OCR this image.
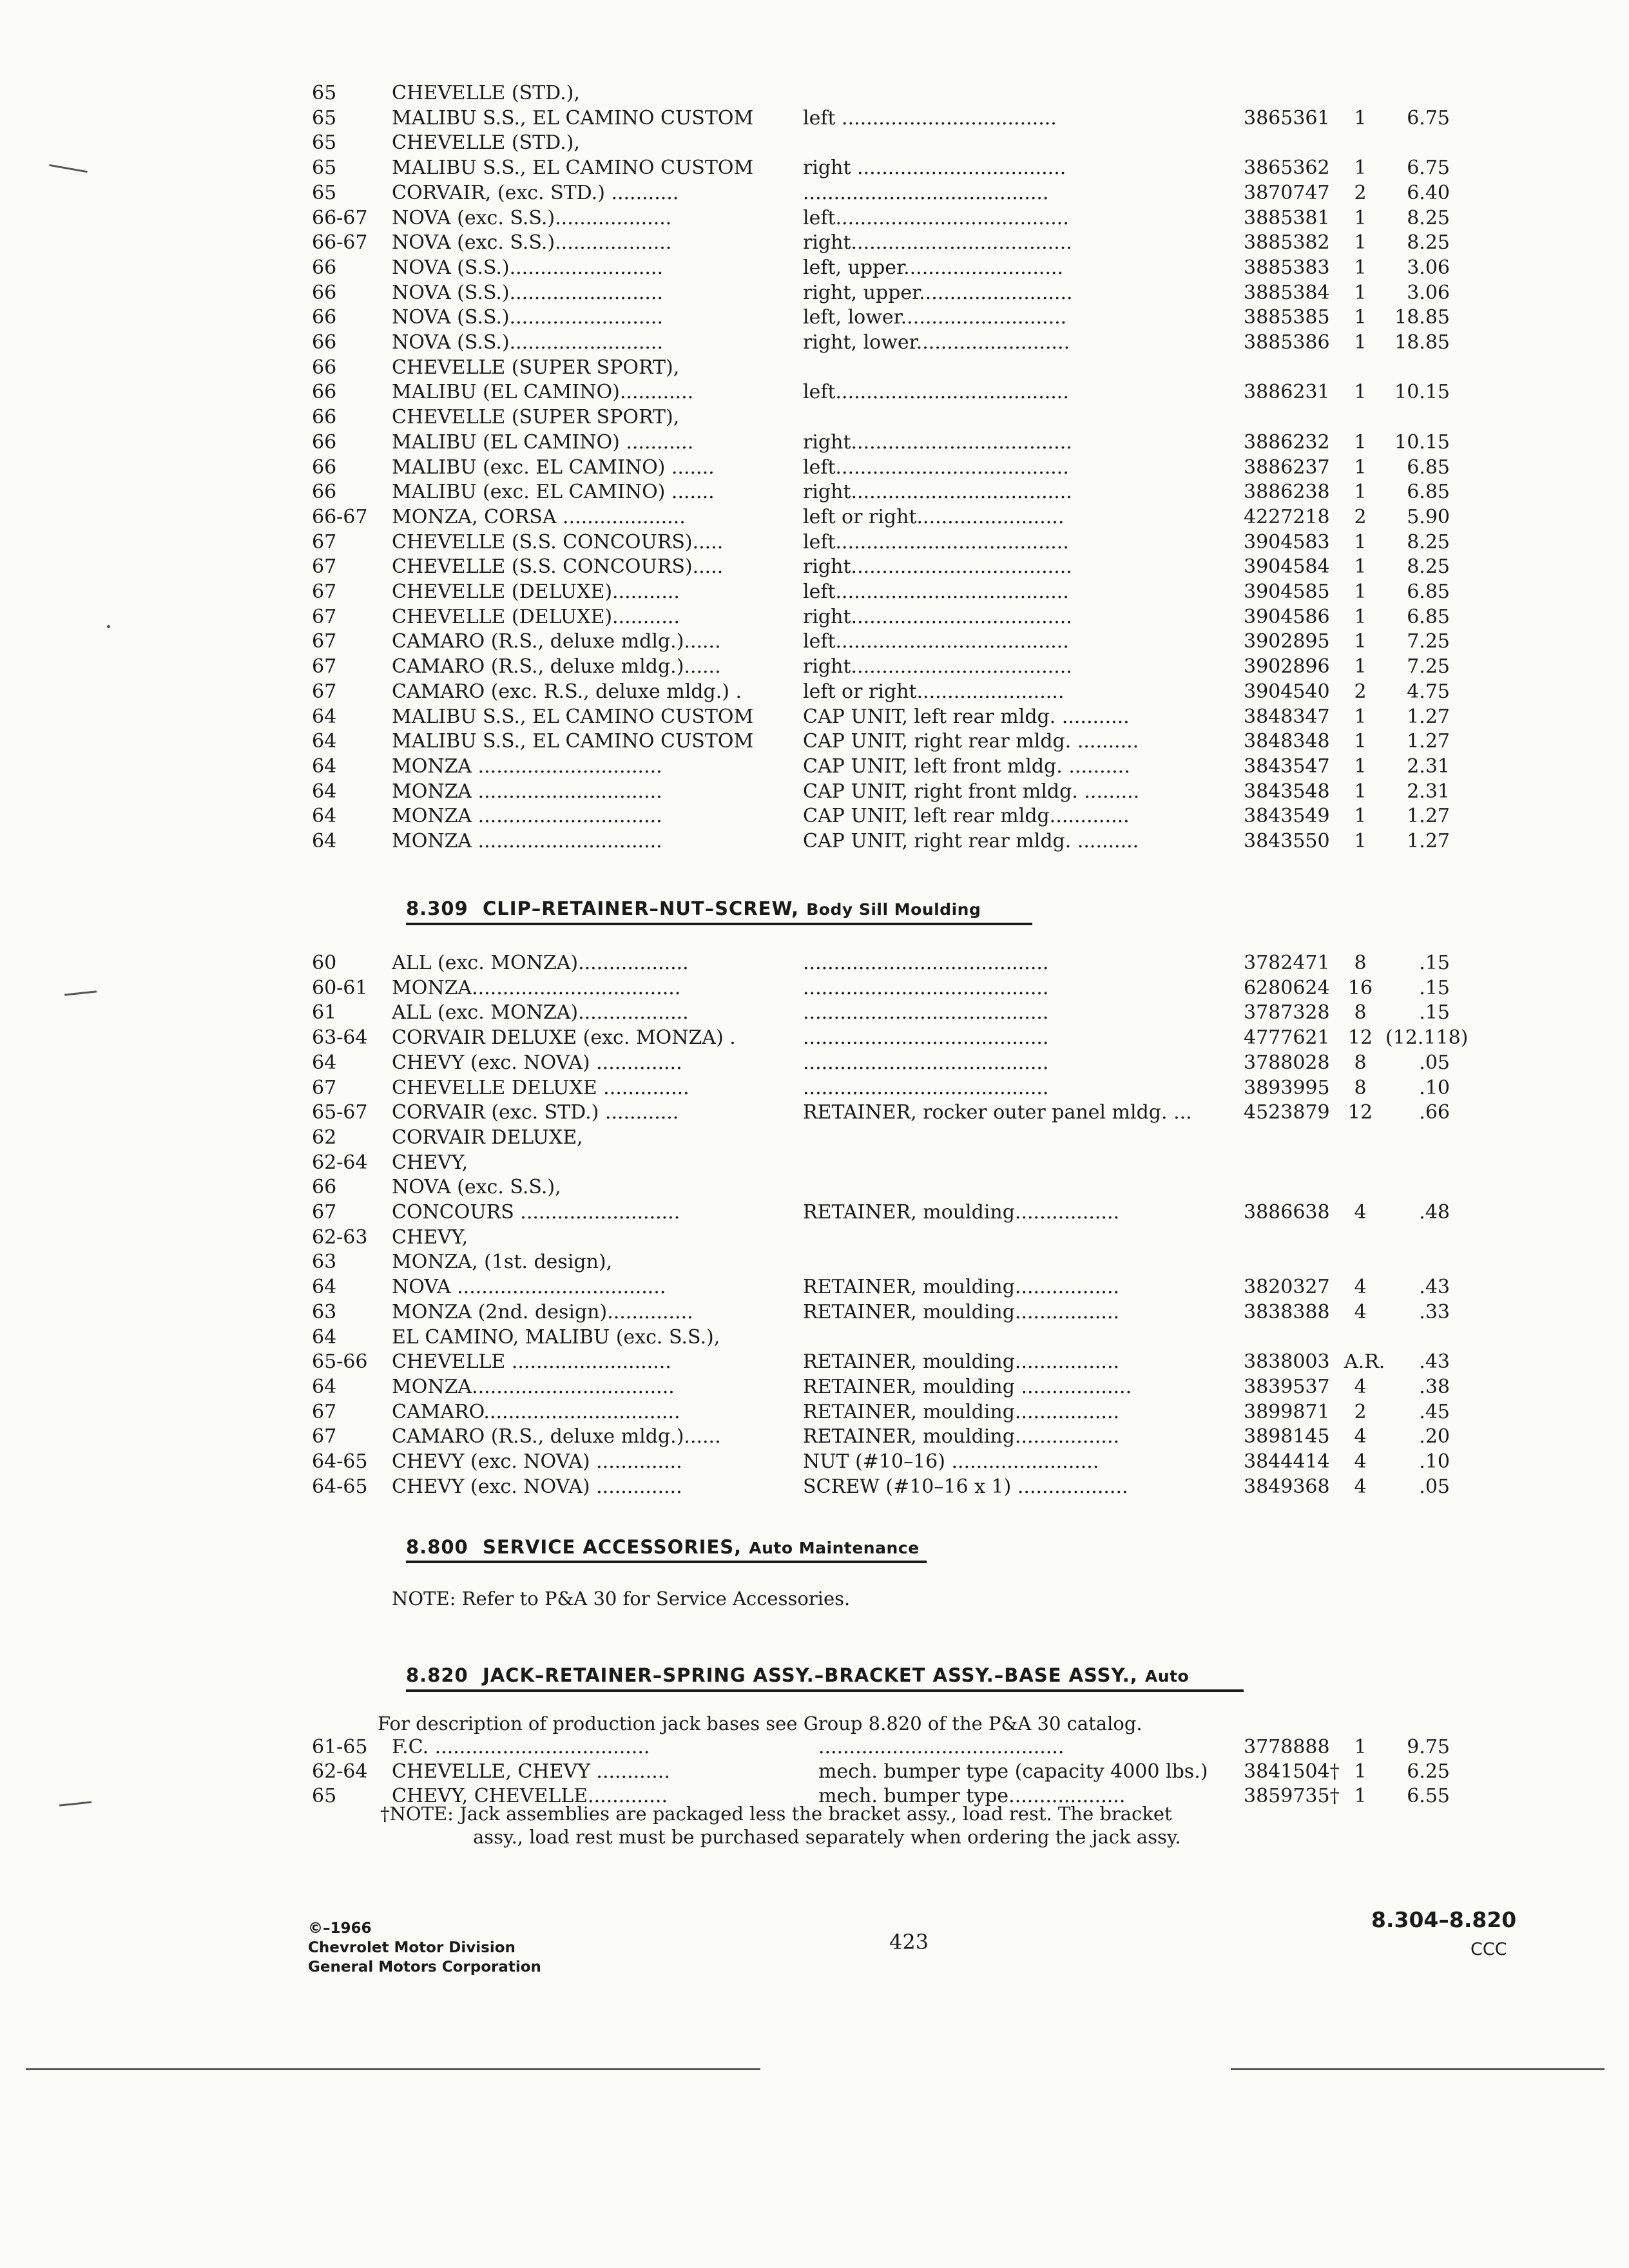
65	CHEVELLE (STD.),
65	MALIBU S.S., EL CAMINO CUSTOM	left ...................................	3865361	1	6.75
65	CHEVELLE (STD.),
65	MALIBU S.S., EL CAMINO CUSTOM	right ..................................	3865362	1	6.75
65	CORVAIR, (exc. STD.) ...........	........................................	3870747	2	6.40
66-67 NOVA (exc. S.S.)...................	left......................................	3885381	1	8.25
66-67 NOVA (exc. S.S.)...................	right....................................	3885382	1	8.25
66	NOVA (S.S.).........................	left, upper..........................	3885383	1	3.06
66	NOVA (S.S.).........................	right, upper.........................	3885384	1	3.06
66	NOVA (S.S.).........................	left, lower...........................	3885385	1	18.85
66	NOVA (S.S.).........................	right, lower.........................	3885386	1	18.85
66	CHEVELLE (SUPER SPORT),
66	MALIBU (EL CAMINO)............	left......................................	3886231	1	10.15
66	CHEVELLE (SUPER SPORT),
66	MALIBU (EL CAMINO) ...........	right....................................	3886232	1	10.15
66	MALIBU (exc. EL CAMINO) .......	left......................................	3886237	1	6.85
66	MALIBU (exc. EL CAMINO) .......	right....................................	3886238	1	6.85
66-67 MONZA, CORSA ....................	left or right........................	4227218	2	5.90
67	CHEVELLE (S.S. CONCOURS).....	left......................................	3904583	1	8.25
67	CHEVELLE (S.S. CONCOURS).....	right....................................	3904584	1	8.25
67	CHEVELLE (DELUXE)...........	left......................................	3904585	1	6.85
67	CHEVELLE (DELUXE)...........	right....................................	3904586	1	6.85
67	CAMARO (R.S., deluxe mdlg.)......	left......................................	3902895	1	7.25
67	CAMARO (R.S., deluxe mldg.)......	right....................................	3902896	1	7.25
67	CAMARO (exc. R.S., deluxe mldg.) .	left or right........................	3904540	2	4.75
64	MALIBU S.S., EL CAMINO CUSTOM	CAP UNIT, left rear mldg. ...........	3848347	1	1.27
64	MALIBU S.S., EL CAMINO CUSTOM	CAP UNIT, right rear mldg. ..........	3848348	1	1.27
64	MONZA ..............................	CAP UNIT, left front mldg. ..........	3843547	1	2.31
64	MONZA ..............................	CAP UNIT, right front mldg. .........	3843548	1	2.31
64	MONZA ..............................	CAP UNIT, left rear mldg.............	3843549	1	1.27
64	MONZA ..............................	CAP UNIT, right rear mldg. ..........	3843550	1	1.27
8.309 CLIP–RETAINER–NUT–SCREW, Body Sill Moulding
60	ALL (exc. MONZA)..................	........................................	3782471	8	.15
60-61 MONZA..................................	........................................	6280624 16	.15
61	ALL (exc. MONZA)..................	........................................	3787328	8	.15
63-64 CORVAIR DELUXE (exc. MONZA) .	........................................	4777621 12 (12.118)
64	CHEVY (exc. NOVA) ..............	........................................	3788028	8	.05
67	CHEVELLE DELUXE ..............	........................................	3893995	8	.10
65-67 CORVAIR (exc. STD.) ............	RETAINER, rocker outer panel mldg. ...	4523879 12	.66
62	CORVAIR DELUXE,
62-64 CHEVY,
66	NOVA (exc. S.S.),
67	CONCOURS ..........................	RETAINER, moulding.................	3886638	4	.48
62-63 CHEVY,
63	MONZA, (1st. design),
64	NOVA ..................................	RETAINER, moulding.................	3820327	4	.43
63	MONZA (2nd. design)..............	RETAINER, moulding.................	3838388	4	.33
64	EL CAMINO, MALIBU (exc. S.S.),
65-66 CHEVELLE ..........................	RETAINER, moulding.................	3838003 A.R.	.43
64	MONZA.................................	RETAINER, moulding ..................	3839537	4	.38
67	CAMARO................................	RETAINER, moulding.................	3899871	2	.45
67	CAMARO (R.S., deluxe mldg.)......	RETAINER, moulding.................	3898145	4	.20
64-65 CHEVY (exc. NOVA) ..............	NUT (#10–16) ........................	3844414	4	.10
64-65 CHEVY (exc. NOVA) ..............	SCREW (#10–16 x 1) ..................	3849368	4	.05
8.800 SERVICE ACCESSORIES, Auto Maintenance
NOTE: Refer to P&A 30 for Service Accessories.
8.820 JACK–RETAINER–SPRING ASSY.–BRACKET ASSY.–BASE ASSY., Auto
For description of production jack bases see Group 8.820 of the P&A 30 catalog.
61-65 F.C. ...................................	........................................	3778888	1	9.75
62-64 CHEVELLE, CHEVY ............	mech. bumper type (capacity 4000 lbs.)	3841504† 1	6.25
65	CHEVY, CHEVELLE.............	mech. bumper type...................	3859735† 1	6.55
†NOTE: Jack assemblies are packaged less the bracket assy., load rest. The bracket
assy., load rest must be purchased separately when ordering the jack assy.
©–1966
Chevrolet Motor Division
General Motors Corporation
423
8.304–8.820
CCC
